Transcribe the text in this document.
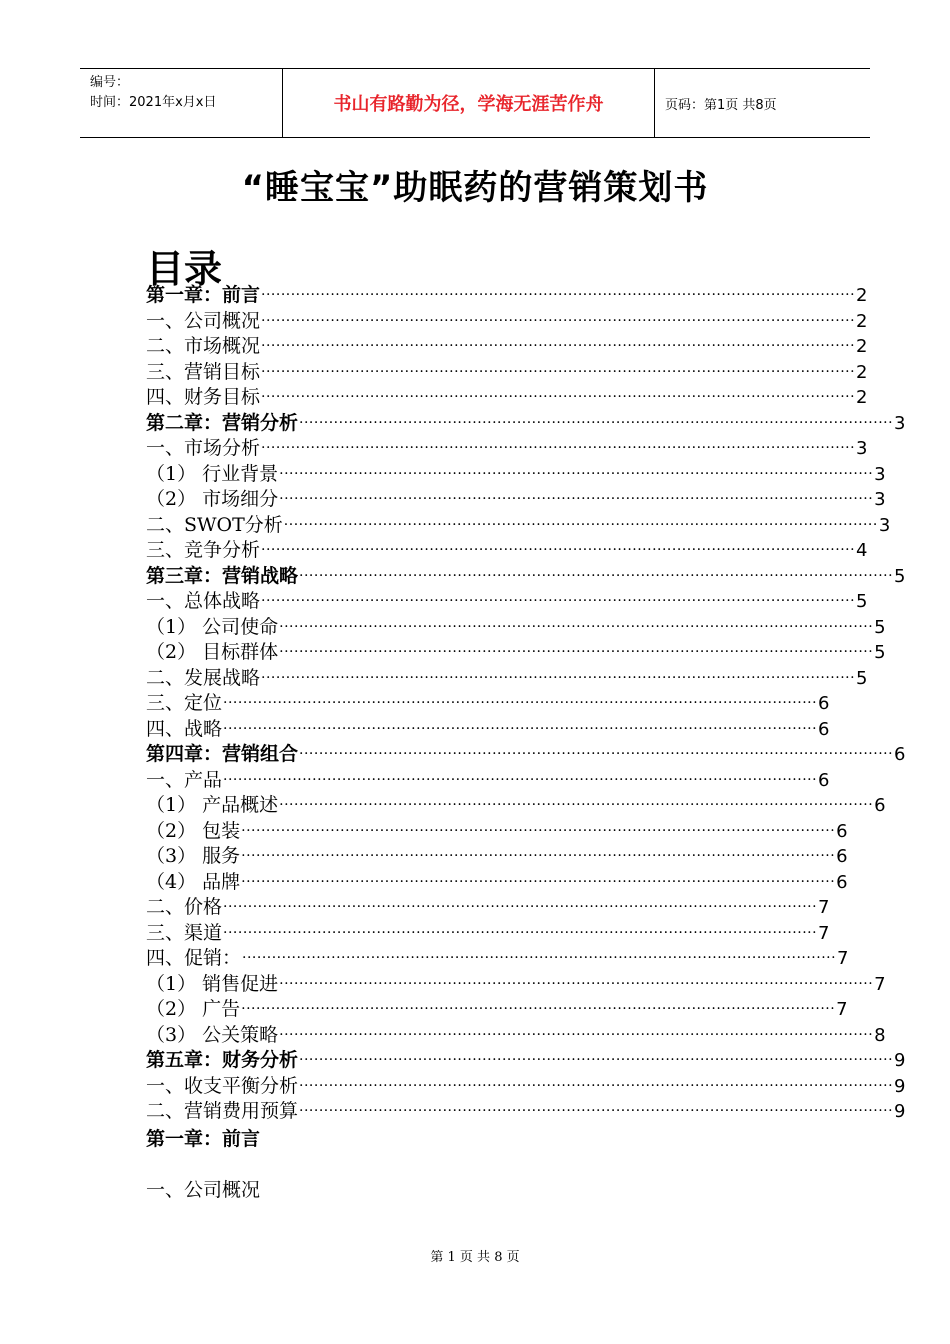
编号：
时间：2021年x月x日	书山有路勤为径，学海无涯苦作舟	页码：第1页 共8页
“睡宝宝”助眠药的营销策划书
目录
第一章：前言 ························································································································ 2
一、公司概况 ························································································································ 2
二、市场概况 ························································································································ 2
三、营销目标 ························································································································ 2
四、财务目标 ························································································································ 2
第二章：营销分析 ························································································································ 3
一、市场分析 ························································································································ 3
（1） 行业背景 ························································································································ 3
（2） 市场细分 ························································································································ 3
二、SWOT分析 ························································································································ 3
三、竞争分析 ························································································································ 4
第三章：营销战略 ························································································································ 5
一、总体战略 ························································································································ 5
（1） 公司使命 ························································································································ 5
（2） 目标群体 ························································································································ 5
二、发展战略 ························································································································ 5
三、定位 ························································································································ 6
四、战略 ························································································································ 6
第四章：营销组合 ························································································································ 6
一、产品 ························································································································ 6
（1） 产品概述 ························································································································ 6
（2） 包装 ························································································································ 6
（3） 服务 ························································································································ 6
（4） 品牌 ························································································································ 6
二、价格 ························································································································ 7
三、渠道 ························································································································ 7
四、促销： ························································································································ 7
（1） 销售促进 ························································································································ 7
（2） 广告 ························································································································ 7
（3） 公关策略 ························································································································ 8
第五章：财务分析 ························································································································ 9
一、收支平衡分析 ························································································································ 9
二、营销费用预算 ························································································································ 9
第一章：前言
一、公司概况
第 1 页 共 8 页
